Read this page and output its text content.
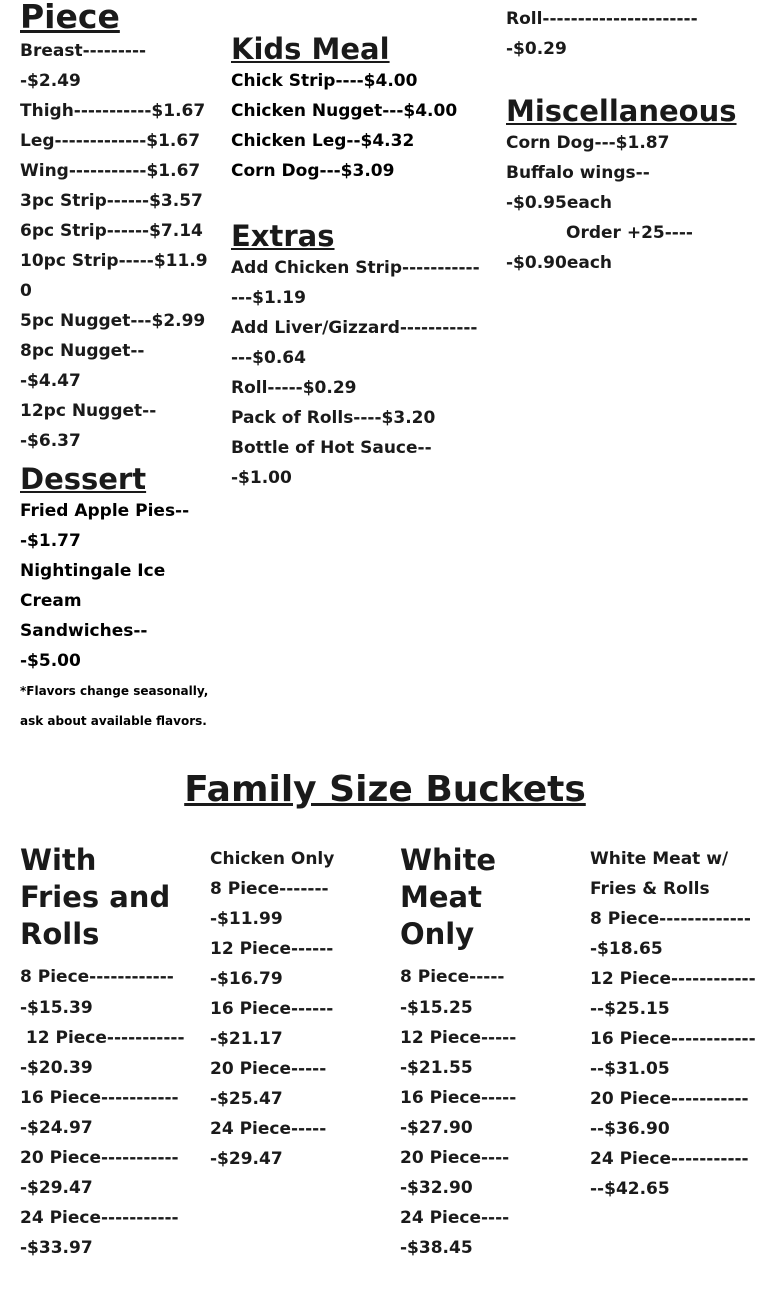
Piece
Breast---------
-$2.49
Thigh-----------$1.67
Leg-------------$1.67
Wing-----------$1.67
3pc Strip------$3.57
6pc Strip------$7.14
10pc Strip-----$11.90
5pc Nugget---$2.99
8pc Nugget--
-$4.47
12pc Nugget--
-$6.37
Dessert
Fried Apple Pies--
-$1.77
Nightingale Ice
Cream
Sandwiches--
-$5.00
*Flavors change seasonally,
ask about available flavors.
Kids Meal
Chick Strip----$4.00
Chicken Nugget---$4.00
Chicken Leg--$4.32
Corn Dog---$3.09
Extras
Add Chicken Strip-----------
---$1.19
Add Liver/Gizzard-----------
---$0.64
Roll-----$0.29
Pack of Rolls----$3.20
Bottle of Hot Sauce--
-$1.00
Roll----------------------
-$0.29
Miscellaneous
Corn Dog---$1.87
Buffalo wings--
-$0.95each
Order +25----
-$0.90each
Family Size Buckets
With
Fries and
Rolls
8 Piece------------
-$15.39
12 Piece-----------
-$20.39
16 Piece-----------
-$24.97
20 Piece-----------
-$29.47
24 Piece-----------
-$33.97
Chicken Only
8 Piece-------
-$11.99
12 Piece------
-$16.79
16 Piece------
-$21.17
20 Piece-----
-$25.47
24 Piece-----
-$29.47
White
Meat
Only
8 Piece-----
-$15.25
12 Piece-----
-$21.55
16 Piece-----
-$27.90
20 Piece----
-$32.90
24 Piece----
-$38.45
White Meat w/
Fries & Rolls
8 Piece-------------
-$18.65
12 Piece------------
--$25.15
16 Piece------------
--$31.05
20 Piece-----------
--$36.90
24 Piece-----------
--$42.65
